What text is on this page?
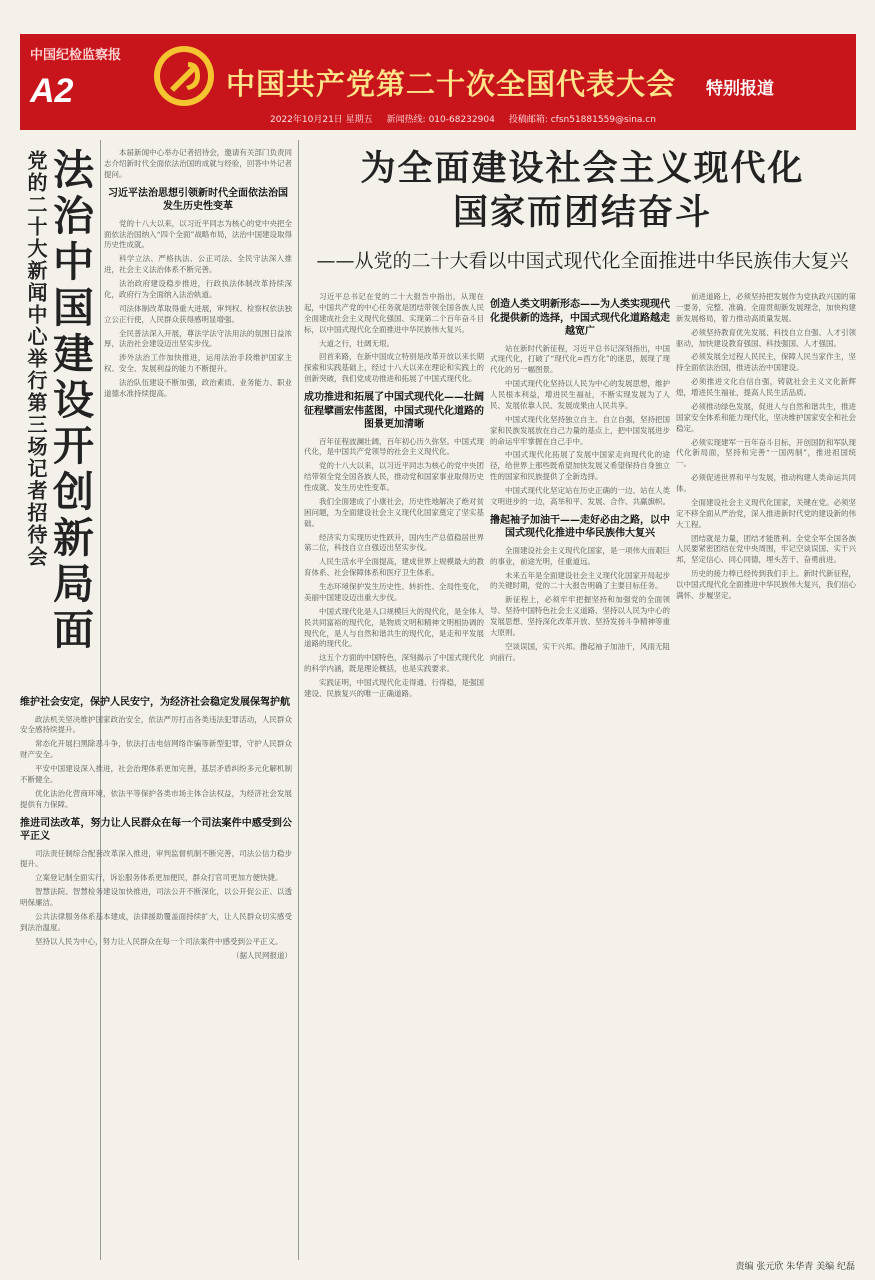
中国纪检监察报
A2	中国共产党第二十次全国代表大会 特别报道
2022年10月21日 星期五 新闻热线: 010-68232904 投稿邮箱: cfsn51881559@sina.cn
党的二十大新闻中心举行第三场记者招待会
法治中国建设开创新局面	本届新闻中心举办记者招待会，邀请有关部门负责同志介绍新时代全面依法治国的成就与经验，回答中外记者提问。

习近平法治思想引领新时代全面依法治国发生历史性变革

党的十八大以来，以习近平同志为核心的党中央把全面依法治国纳入“四个全面”战略布局，法治中国建设取得历史性成就。

科学立法、严格执法、公正司法、全民守法深入推进，社会主义法治体系不断完善。

法治政府建设稳步推进，行政执法体制改革持续深化，政府行为全面纳入法治轨道。

司法体制改革取得重大进展，审判权、检察权依法独立公正行使，人民群众获得感明显增强。

全民普法深入开展，尊法学法守法用法的氛围日益浓厚，法治社会建设迈出坚实步伐。

涉外法治工作加快推进，运用法治手段维护国家主权、安全、发展利益的能力不断提升。

法治队伍建设不断加强，政治素质、业务能力、职业道德水准持续提高。

维护社会安定，保护人民安宁，为经济社会稳定发展保驾护航

政法机关坚决维护国家政治安全，依法严厉打击各类违法犯罪活动，人民群众安全感持续提升。

常态化开展扫黑除恶斗争，依法打击电信网络诈骗等新型犯罪，守护人民群众财产安全。

平安中国建设深入推进，社会治理体系更加完善，基层矛盾纠纷多元化解机制不断健全。

优化法治化营商环境，依法平等保护各类市场主体合法权益，为经济社会发展提供有力保障。

推进司法改革，努力让人民群众在每一个司法案件中感受到公平正义

司法责任制综合配套改革深入推进，审判监督机制不断完善，司法公信力稳步提升。

立案登记制全面实行，诉讼服务体系更加便民，群众打官司更加方便快捷。

智慧法院、智慧检务建设加快推进，司法公开不断深化，以公开促公正、以透明保廉洁。

公共法律服务体系基本建成，法律援助覆盖面持续扩大，让人民群众切实感受到法治温度。

坚持以人民为中心，努力让人民群众在每一个司法案件中感受到公平正义。

（据人民网报道）

为全面建设社会主义现代化
国家而团结奋斗

——从党的二十大看以中国式现代化全面推进中华民族伟大复兴

习近平总书记在党的二十大报告中指出，从现在起，中国共产党的中心任务就是团结带领全国各族人民全面建成社会主义现代化强国、实现第二个百年奋斗目标，以中国式现代化全面推进中华民族伟大复兴。

大道之行，壮阔无垠。

回首来路，在新中国成立特别是改革开放以来长期探索和实践基础上，经过十八大以来在理论和实践上的创新突破，我们党成功推进和拓展了中国式现代化。

成功推进和拓展了中国式现代化——壮阔征程擘画宏伟蓝图，中国式现代化道路的图景更加清晰

百年征程波澜壮阔，百年初心历久弥坚。中国式现代化，是中国共产党领导的社会主义现代化。

党的十八大以来，以习近平同志为核心的党中央团结带领全党全国各族人民，推动党和国家事业取得历史性成就、发生历史性变革。

我们全面建成了小康社会，历史性地解决了绝对贫困问题，为全面建设社会主义现代化国家奠定了坚实基础。

经济实力实现历史性跃升，国内生产总值稳居世界第二位，科技自立自强迈出坚实步伐。

人民生活水平全面提高，建成世界上规模最大的教育体系、社会保障体系和医疗卫生体系。

生态环境保护发生历史性、转折性、全局性变化，美丽中国建设迈出重大步伐。

中国式现代化是人口规模巨大的现代化，是全体人民共同富裕的现代化，是物质文明和精神文明相协调的现代化，是人与自然和谐共生的现代化，是走和平发展道路的现代化。

这五个方面的中国特色，深刻揭示了中国式现代化的科学内涵，既是理论概括，也是实践要求。

实践证明，中国式现代化走得通、行得稳，是强国建设、民族复兴的唯一正确道路。

创造人类文明新形态——为人类实现现代化提供新的选择，中国式现代化道路越走越宽广

站在新时代新征程，习近平总书记深刻指出，中国式现代化，打破了“现代化=西方化”的迷思，展现了现代化的另一幅图景。

中国式现代化坚持以人民为中心的发展思想，维护人民根本利益，增进民生福祉，不断实现发展为了人民、发展依靠人民、发展成果由人民共享。

中国式现代化坚持独立自主、自立自强，坚持把国家和民族发展放在自己力量的基点上，把中国发展进步的命运牢牢掌握在自己手中。

中国式现代化拓展了发展中国家走向现代化的途径，给世界上那些既希望加快发展又希望保持自身独立性的国家和民族提供了全新选择。

中国式现代化坚定站在历史正确的一边、站在人类文明进步的一边，高举和平、发展、合作、共赢旗帜。

撸起袖子加油干——走好必由之路，以中国式现代化推进中华民族伟大复兴

全面建设社会主义现代化国家，是一项伟大而艰巨的事业，前途光明，任重道远。

未来五年是全面建设社会主义现代化国家开局起步的关键时期，党的二十大报告明确了主要目标任务。

新征程上，必须牢牢把握坚持和加强党的全面领导、坚持中国特色社会主义道路、坚持以人民为中心的发展思想、坚持深化改革开放、坚持发扬斗争精神等重大原则。

空谈误国，实干兴邦。撸起袖子加油干，风雨无阻向前行。

前进道路上，必须坚持把发展作为党执政兴国的第一要务，完整、准确、全面贯彻新发展理念，加快构建新发展格局，着力推动高质量发展。

必须坚持教育优先发展、科技自立自强、人才引领驱动，加快建设教育强国、科技强国、人才强国。

必须发展全过程人民民主，保障人民当家作主，坚持全面依法治国，推进法治中国建设。

必须推进文化自信自强，铸就社会主义文化新辉煌，增进民生福祉，提高人民生活品质。

必须推动绿色发展，促进人与自然和谐共生，推进国家安全体系和能力现代化，坚决维护国家安全和社会稳定。

必须实现建军一百年奋斗目标，开创国防和军队现代化新局面，坚持和完善“一国两制”，推进祖国统一。

必须促进世界和平与发展，推动构建人类命运共同体。

全面建设社会主义现代化国家，关键在党。必须坚定不移全面从严治党，深入推进新时代党的建设新的伟大工程。

团结就是力量，团结才能胜利。全党全军全国各族人民要紧密团结在党中央周围，牢记空谈误国、实干兴邦，坚定信心、同心同德，埋头苦干、奋勇前进。

历史的接力棒已经传到我们手上。新时代新征程，以中国式现代化全面推进中华民族伟大复兴，我们信心满怀、步履坚定。

责编 张元欣 朱华青 美编 纪磊
